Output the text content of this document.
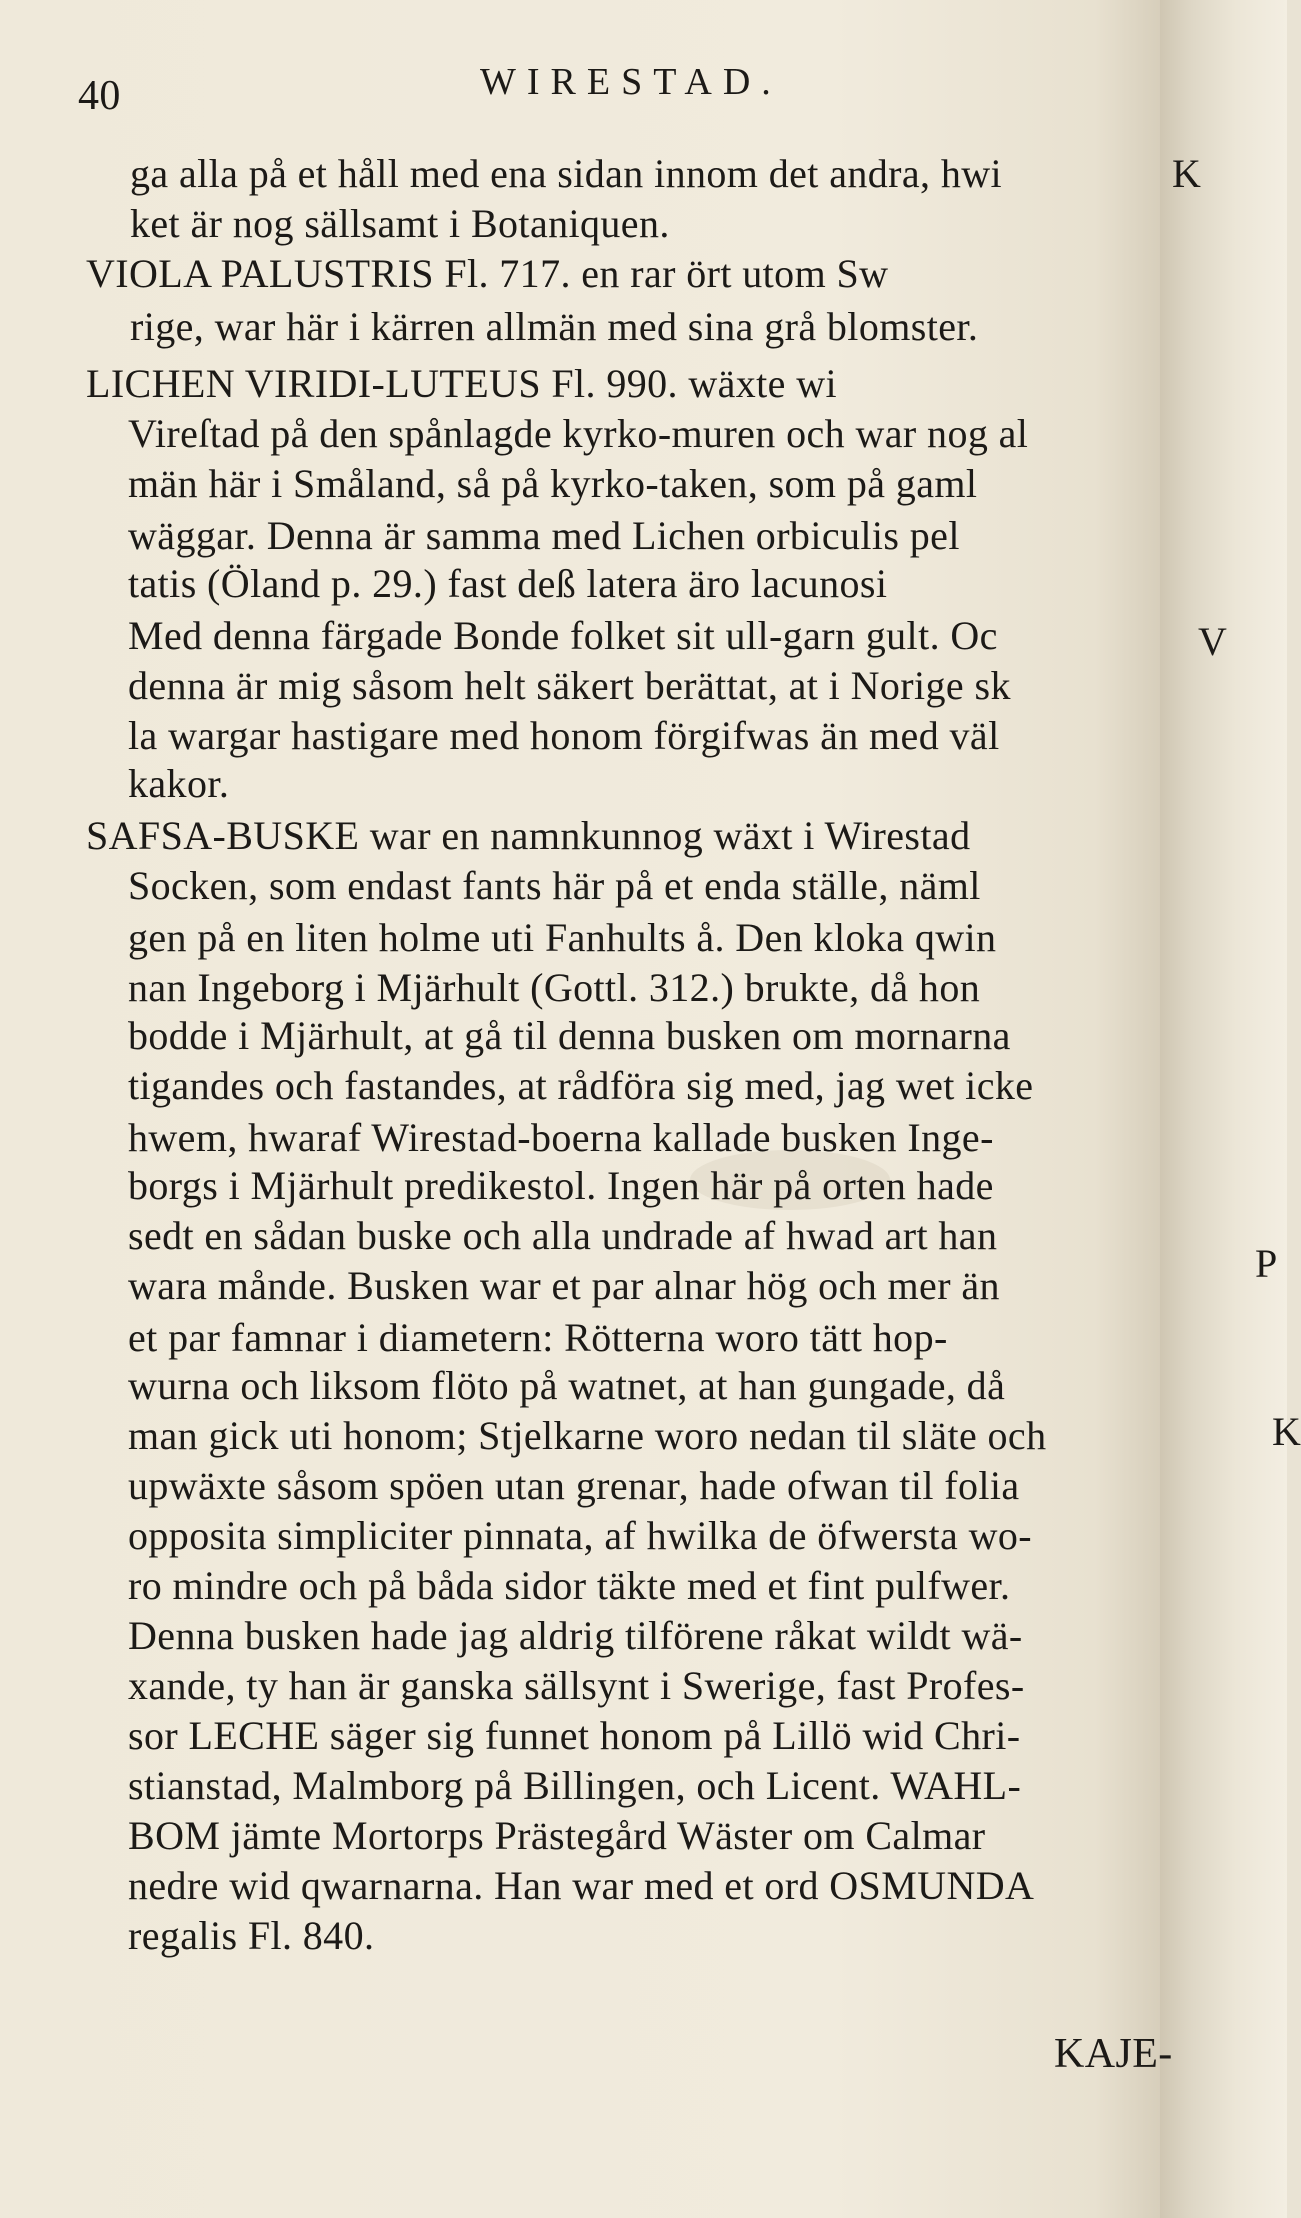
40	WIRESTAD.
ga alla på et håll med ena sidan innom det andra, hwi
ket är nog sällsamt i Botaniquen.
VIOLA PALUSTRIS Fl. 717. en rar ört utom Sw
rige, war här i kärren allmän med sina grå blomster.
LICHEN VIRIDI-LUTEUS Fl. 990. wäxte wi
Vireſtad på den spånlagde kyrko-muren och war nog al
män här i Småland, så på kyrko-taken, som på gaml
wäggar. Denna är samma med Lichen orbiculis pel
tatis (Öland p. 29.) fast deß latera äro lacunosi
Med denna färgade Bonde folket sit ull-garn gult. Oc
denna är mig såsom helt säkert berättat, at i Norige sk
la wargar hastigare med honom förgifwas än med väl
kakor.
SAFSA-BUSKE war en namnkunnog wäxt i Wirestad
Socken, som endast fants här på et enda ställe, näml
gen på en liten holme uti Fanhults å. Den kloka qwin
nan Ingeborg i Mjärhult (Gottl. 312.) brukte, då hon
bodde i Mjärhult, at gå til denna busken om mornarna
tigandes och fastandes, at rådföra sig med, jag wet icke
hwem, hwaraf Wirestad-boerna kallade busken Inge-
borgs i Mjärhult predikestol. Ingen här på orten hade
sedt en sådan buske och alla undrade af hwad art han
wara månde. Busken war et par alnar hög och mer än
et par famnar i diametern: Rötterna woro tätt hop-
wurna och liksom flöto på watnet, at han gungade, då
man gick uti honom; Stjelkarne woro nedan til släte och
upwäxte såsom spöen utan grenar, hade ofwan til folia
opposita simpliciter pinnata, af hwilka de öfwersta wo-
ro mindre och på båda sidor täkte med et fint pulfwer.
Denna busken hade jag aldrig tilförene råkat wildt wä-
xande, ty han är ganska sällsynt i Swerige, fast Profes-
sor LECHE säger sig funnet honom på Lillö wid Chri-
stianstad, Malmborg på Billingen, och Licent. WAHL-
BOM jämte Mortorps Prästegård Wäster om Calmar
nedre wid qwarnarna. Han war med et ord OSMUNDA
regalis Fl. 840.
K
V
P
K
KAJE-
